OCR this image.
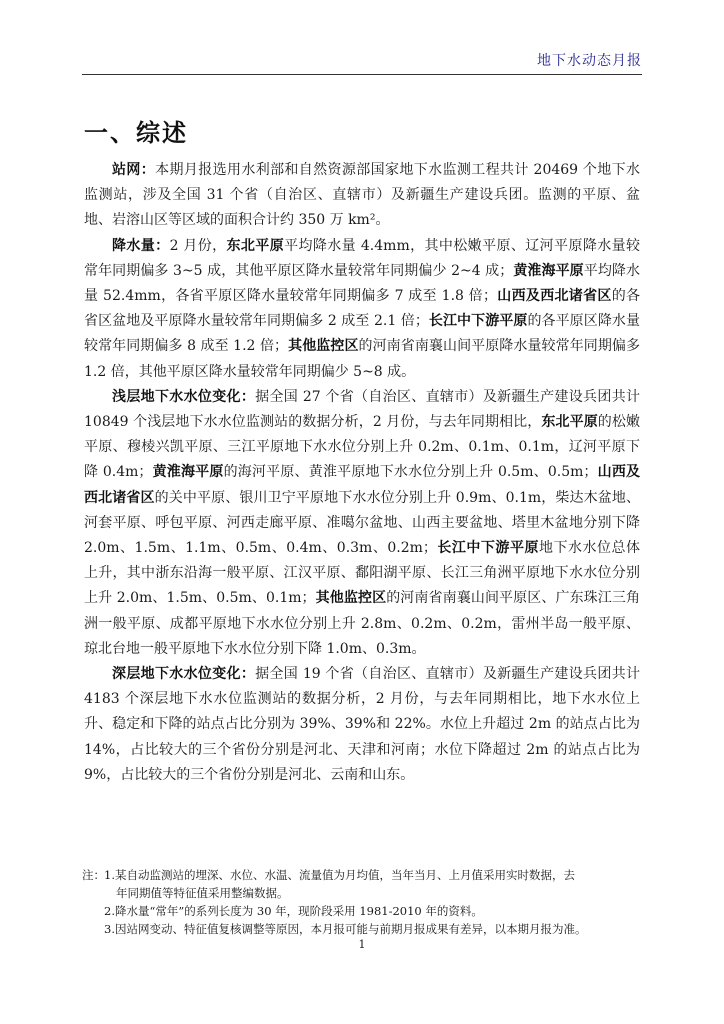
地下水动态月报
一、综述

站网：本期月报选用水利部和自然资源部国家地下水监测工程共计 20469 个地下水监测站，涉及全国 31 个省（自治区、直辖市）及新疆生产建设兵团。监测的平原、盆地、岩溶山区等区域的面积合计约 350 万 km²。

降水量：2 月份，东北平原平均降水量 4.4mm，其中松嫩平原、辽河平原降水量较常年同期偏多 3~5 成，其他平原区降水量较常年同期偏少 2~4 成；黄淮海平原平均降水量 52.4mm，各省平原区降水量较常年同期偏多 7 成至 1.8 倍；山西及西北诸省区的各省区盆地及平原降水量较常年同期偏多 2 成至 2.1 倍；长江中下游平原的各平原区降水量较常年同期偏多 8 成至 1.2 倍；其他监控区的河南省南襄山间平原降水量较常年同期偏多 1.2 倍，其他平原区降水量较常年同期偏少 5~8 成。

浅层地下水水位变化：据全国 27 个省（自治区、直辖市）及新疆生产建设兵团共计 10849 个浅层地下水水位监测站的数据分析，2 月份，与去年同期相比，东北平原的松嫩平原、穆棱兴凯平原、三江平原地下水水位分别上升 0.2m、0.1m、0.1m，辽河平原下降 0.4m；黄淮海平原的海河平原、黄淮平原地下水水位分别上升 0.5m、0.5m；山西及西北诸省区的关中平原、银川卫宁平原地下水水位分别上升 0.9m、0.1m，柴达木盆地、河套平原、呼包平原、河西走廊平原、准噶尔盆地、山西主要盆地、塔里木盆地分别下降 2.0m、1.5m、1.1m、0.5m、0.4m、0.3m、0.2m；长江中下游平原地下水水位总体上升，其中浙东沿海一般平原、江汉平原、鄱阳湖平原、长江三角洲平原地下水水位分别上升 2.0m、1.5m、0.5m、0.1m；其他监控区的河南省南襄山间平原区、广东珠江三角洲一般平原、成都平原地下水水位分别上升 2.8m、0.2m、0.2m，雷州半岛一般平原、琼北台地一般平原地下水水位分别下降 1.0m、0.3m。

深层地下水水位变化：据全国 19 个省（自治区、直辖市）及新疆生产建设兵团共计 4183 个深层地下水水位监测站的数据分析，2 月份，与去年同期相比，地下水水位上升、稳定和下降的站点占比分别为 39%、39%和 22%。水位上升超过 2m 的站点占比为 14%，占比较大的三个省份分别是河北、天津和河南；水位下降超过 2m 的站点占比为 9%，占比较大的三个省份分别是河北、云南和山东。

注： 1.某自动监测站的埋深、水位、水温、流量值为月均值，当年当月、上月值采用实时数据，去
年同期值等特征值采用整编数据。
2.降水量“常年”的系列长度为 30 年，现阶段采用 1981-2010 年的资料。
3.因站网变动、特征值复核调整等原因，本月报可能与前期月报成果有差异，以本期月报为准。
1
